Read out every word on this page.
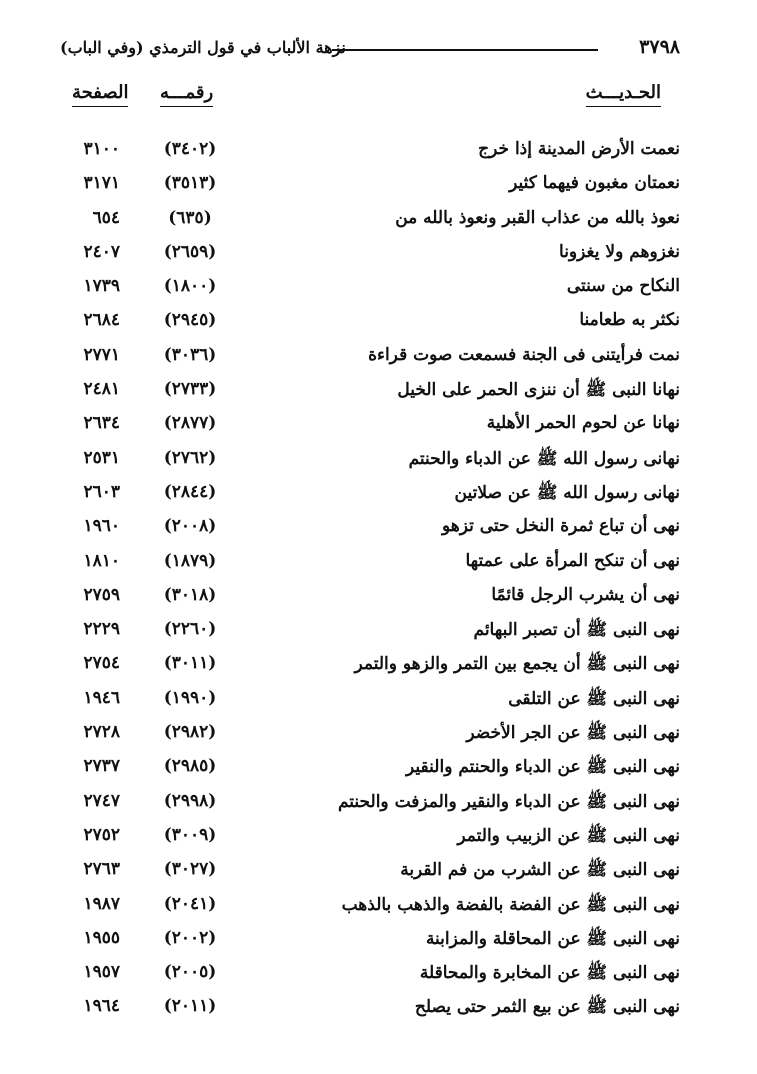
٣٧٩٨
نزهة الألباب في قول الترمذي (وفي الباب)
الحـديـــث
رقمـــه
الصفحة
نعمت الأرض المدينة إذا خرج
(٣٤٠٢)
٣١٠٠
نعمتان مغبون فيهما كثير
(٣٥١٣)
٣١٧١
نعوذ بالله من عذاب القبر ونعوذ بالله من
(٦٣٥)
٦٥٤
نغزوهم ولا يغزونا
(٢٦٥٩)
٢٤٠٧
النكاح من سنتى
(١٨٠٠)
١٧٣٩
نكثر به طعامنا
(٢٩٤٥)
٢٦٨٤
نمت فرأيتنى فى الجنة فسمعت صوت قراءة
(٣٠٣٦)
٢٧٧١
نهانا النبى ﷺ أن ننزى الحمر على الخيل
(٢٧٣٣)
٢٤٨١
نهانا عن لحوم الحمر الأهلية
(٢٨٧٧)
٢٦٣٤
نهانى رسول الله ﷺ عن الدباء والحنتم
(٢٧٦٢)
٢٥٣١
نهانى رسول الله ﷺ عن صلاتين
(٢٨٤٤)
٢٦٠٣
نهى أن تباع ثمرة النخل حتى تزهو
(٢٠٠٨)
١٩٦٠
نهى أن تنكح المرأة على عمتها
(١٨٧٩)
١٨١٠
نهى أن يشرب الرجل قائمًا
(٣٠١٨)
٢٧٥٩
نهى النبى ﷺ أن تصبر البهائم
(٢٢٦٠)
٢٢٢٩
نهى النبى ﷺ أن يجمع بين التمر والزهو والتمر
(٣٠١١)
٢٧٥٤
نهى النبى ﷺ عن التلقى
(١٩٩٠)
١٩٤٦
نهى النبى ﷺ عن الجر الأخضر
(٢٩٨٢)
٢٧٢٨
نهى النبى ﷺ عن الدباء والحنتم والنقير
(٢٩٨٥)
٢٧٣٧
نهى النبى ﷺ عن الدباء والنقير والمزفت والحنتم
(٢٩٩٨)
٢٧٤٧
نهى النبى ﷺ عن الزبيب والتمر
(٣٠٠٩)
٢٧٥٢
نهى النبى ﷺ عن الشرب من فم القربة
(٣٠٢٧)
٢٧٦٣
نهى النبى ﷺ عن الفضة بالفضة والذهب بالذهب
(٢٠٤١)
١٩٨٧
نهى النبى ﷺ عن المحاقلة والمزابنة
(٢٠٠٢)
١٩٥٥
نهى النبى ﷺ عن المخابرة والمحاقلة
(٢٠٠٥)
١٩٥٧
نهى النبى ﷺ عن بيع الثمر حتى يصلح
(٢٠١١)
١٩٦٤
